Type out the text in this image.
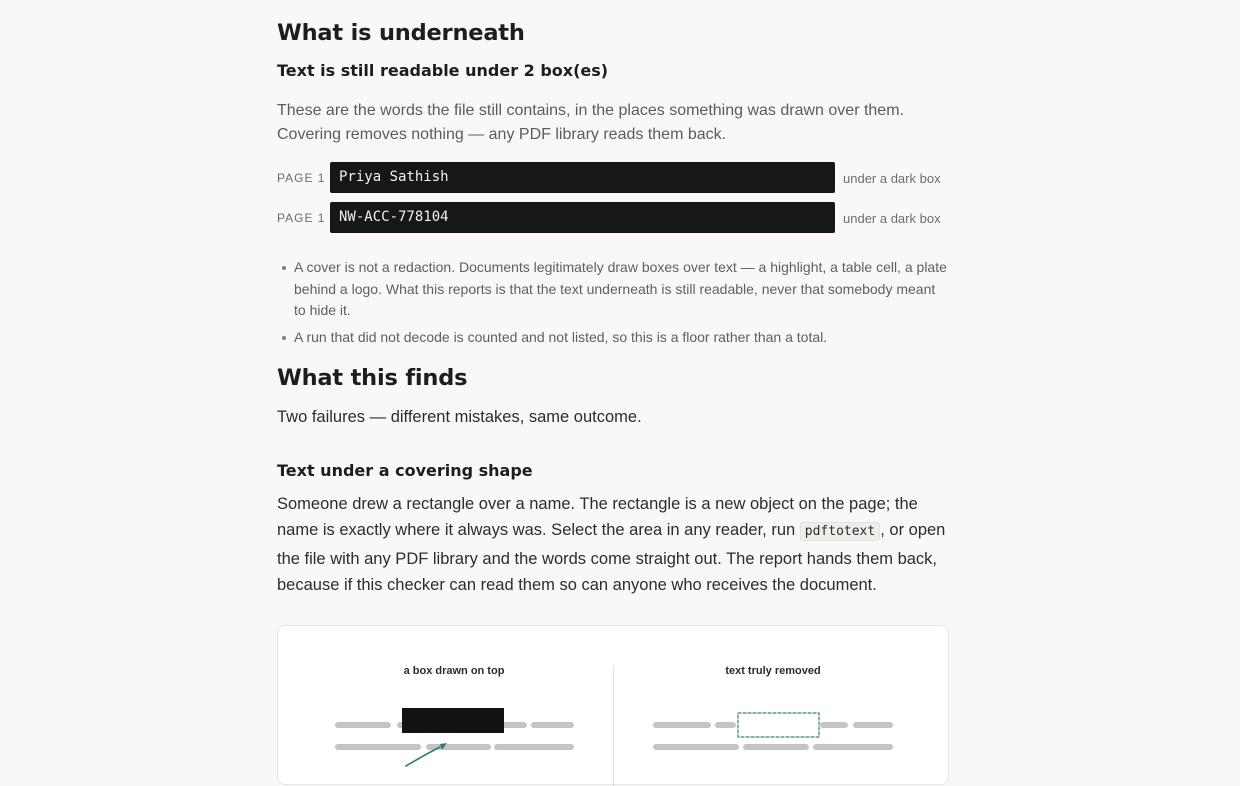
What is underneath
Text is still readable under 2 box(es)

These are the words the file still contains, in the places something was drawn over them. Covering removes nothing — any PDF library reads them back.

PAGE 1 Priya Sathish	under a dark box
PAGE 1 NW-ACC-778104	under a dark box
A cover is not a redaction. Documents legitimately draw boxes over text — a highlight, a table cell, a plate behind a logo. What this reports is that the text underneath is still readable, never that somebody meant to hide it.
A run that did not decode is counted and not listed, so this is a floor rather than a total.
What this finds

Two failures — different mistakes, same outcome.

Text under a covering shape

Someone drew a rectangle over a name. The rectangle is a new object on the page; the name is exactly where it always was. Select the area in any reader, run pdftotext , or open the file with any PDF library and the words come straight out. The report hands them back, because if this checker can read them so can anyone who receives the document.

a box drawn on top	text truly removed
